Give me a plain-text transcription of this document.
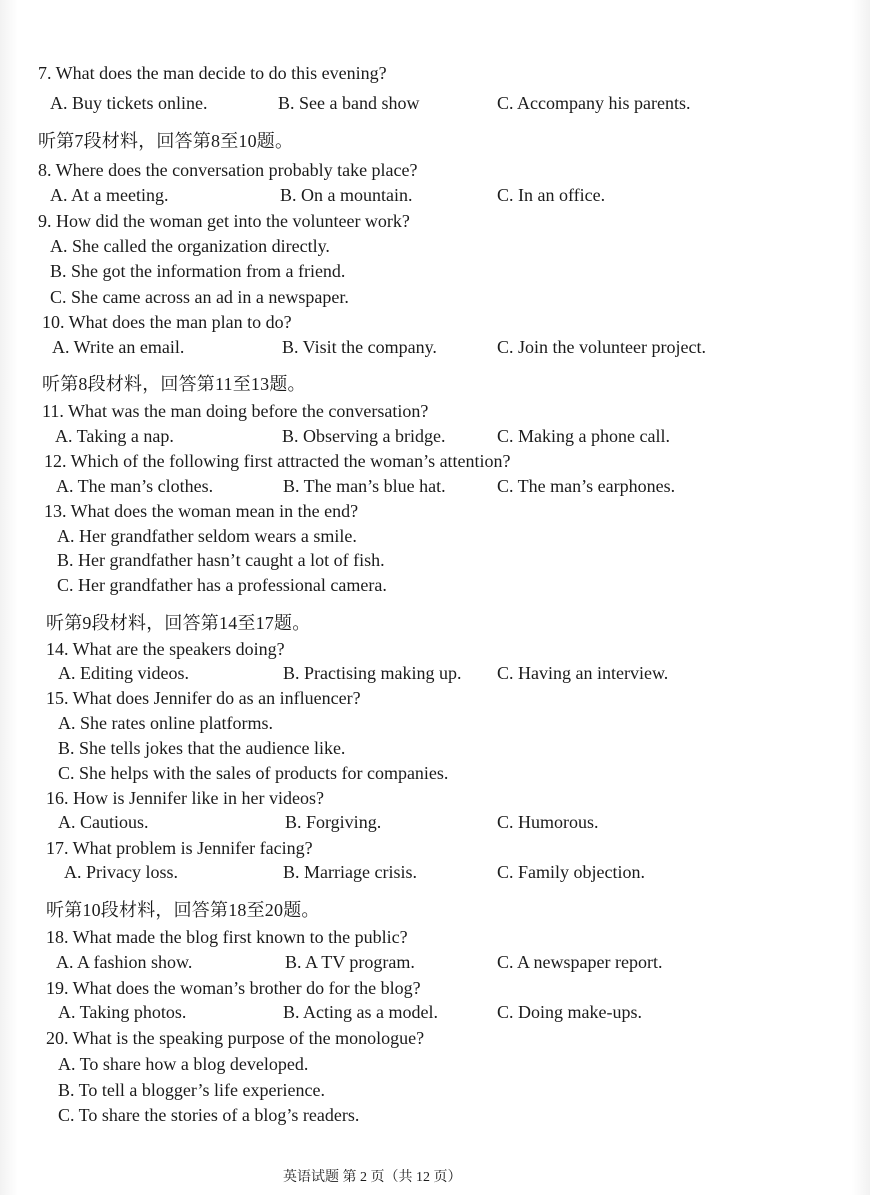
7. What does the man decide to do this evening?
A. Buy tickets online.	B. See a band show	C. Accompany his parents.
听第7段材料，回答第8至10题。
8. Where does the conversation probably take place?
A. At a meeting.	B. On a mountain.	C. In an office.
9. How did the woman get into the volunteer work?
A. She called the organization directly.
B. She got the information from a friend.
C. She came across an ad in a newspaper.
10. What does the man plan to do?
A. Write an email.	B. Visit the company.	C. Join the volunteer project.
听第8段材料，回答第11至13题。
11. What was the man doing before the conversation?
A. Taking a nap.	B. Observing a bridge.	C. Making a phone call.
12. Which of the following first attracted the woman’s attention?
A. The man’s clothes.	B. The man’s blue hat.	C. The man’s earphones.
13. What does the woman mean in the end?
A. Her grandfather seldom wears a smile.
B. Her grandfather hasn’t caught a lot of fish.
C. Her grandfather has a professional camera.
听第9段材料，回答第14至17题。
14. What are the speakers doing?
A. Editing videos.	B. Practising making up. C. Having an interview.
15. What does Jennifer do as an influencer?
A. She rates online platforms.
B. She tells jokes that the audience like.
C. She helps with the sales of products for companies.
16. How is Jennifer like in her videos?
A. Cautious.	B. Forgiving.	C. Humorous.
17. What problem is Jennifer facing?
A. Privacy loss.	B. Marriage crisis.	C. Family objection.
听第10段材料，回答第18至20题。
18. What made the blog first known to the public?
A. A fashion show.	B. A TV program.	C. A newspaper report.
19. What does the woman’s brother do for the blog?
A. Taking photos.	B. Acting as a model.	C. Doing make-ups.
20. What is the speaking purpose of the monologue?
A. To share how a blog developed.
B. To tell a blogger’s life experience.
C. To share the stories of a blog’s readers.
英语试题 第 2 页（共 12 页）
